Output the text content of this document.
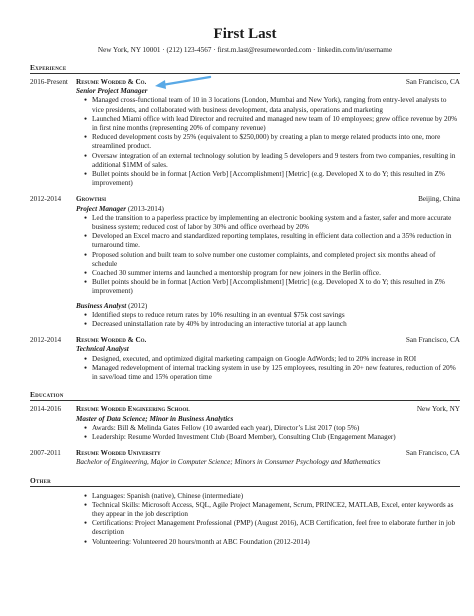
First Last
New York, NY 10001 · (212) 123-4567 · first.m.last@resumeworded.com · linkedin.com/in/username
Experience
2016-Present	Resume Worded & Co.	San Francisco, CA
Senior Project Manager
● Managed cross-functional team of 10 in 3 locations (London, Mumbai and New York), ranging from entry-level analysts to vice presidents, and collaborated with business development, data analysis, operations and marketing
● Launched Miami office with lead Director and recruited and managed new team of 10 employees; grew office revenue by 20% in first nine months (representing 20% of company revenue)
● Reduced development costs by 25% (equivalent to $250,000) by creating a plan to merge related products into one, more streamlined product.
● Oversaw integration of an external technology solution by leading 5 developers and 9 testers from two companies, resulting in additional $1MM of sales.
● Bullet points should be in format [Action Verb] [Accomplishment] [Metric] (e.g. Developed X to do Y; this resulted in Z% improvement)
2012-2014	Growthsi	Beijing, China
Project Manager (2013-2014)
● Led the transition to a paperless practice by implementing an electronic booking system and a faster, safer and more accurate business system; reduced cost of labor by 30% and office overhead by 20%
● Developed an Excel macro and standardized reporting templates, resulting in efficient data collection and a 35% reduction in turnaround time.
● Proposed solution and built team to solve number one customer complaints, and completed project six months ahead of schedule
● Coached 30 summer interns and launched a mentorship program for new joiners in the Berlin office.
● Bullet points should be in format [Action Verb] [Accomplishment] [Metric] (e.g. Developed X to do Y; this resulted in Z% improvement)
Business Analyst (2012)
● Identified steps to reduce return rates by 10% resulting in an eventual $75k cost savings
● Decreased uninstallation rate by 40% by introducing an interactive tutorial at app launch
2012-2014	Resume Worded & Co.	San Francisco, CA
Technical Analyst
● Designed, executed, and optimized digital marketing campaign on Google AdWords; led to 20% increase in ROI
● Managed redevelopment of internal tracking system in use by 125 employees, resulting in 20+ new features, reduction of 20% in save/load time and 15% operation time
Education
2014-2016	Resume Worded Engineering School	New York, NY
Master of Data Science; Minor in Business Analytics
● Awards: Bill & Melinda Gates Fellow (10 awarded each year), Director’s List 2017 (top 5%)
● Leadership: Resume Worded Investment Club (Board Member), Consulting Club (Engagement Manager)
2007-2011	Resume Worded University	San Francisco, CA
Bachelor of Engineering, Major in Computer Science; Minors in Consumer Psychology and Mathematics
Other
● Languages: Spanish (native), Chinese (intermediate)
● Technical Skills: Microsoft Access, SQL, Agile Project Management, Scrum, PRINCE2, MATLAB, Excel, enter keywords as they appear in the job description
● Certifications: Project Management Professional (PMP) (August 2016), ACB Certification, feel free to elaborate further in job description
● Volunteering: Volunteered 20 hours/month at ABC Foundation (2012-2014)
